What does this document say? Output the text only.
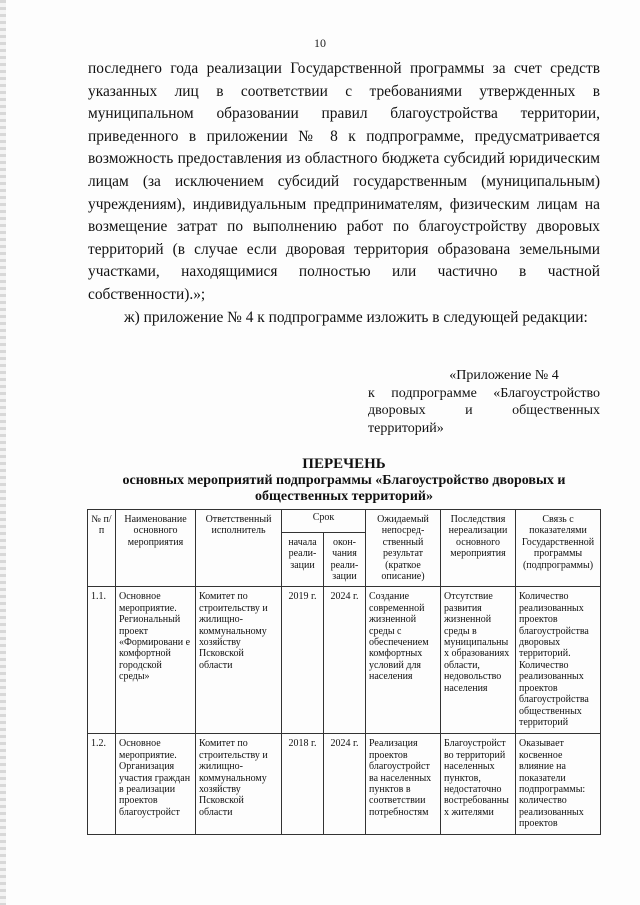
10

последнего года реализации Государственной программы за счет средств указанных лиц в соответствии с требованиями утвержденных в муниципальном образовании правил благоустройства территории, приведенного в приложении № 8 к подпрограмме, предусматривается возможность предоставления из областного бюджета субсидий юридическим лицам (за исключением субсидий государственным (муниципальным) учреждениям), индивидуальным предпринимателям, физическим лицам на возмещение затрат по выполнению работ по благоустройству дворовых территорий (в случае если дворовая территория образована земельными участками, находящимися полностью или частично в частной собственности).»;

ж) приложение № 4 к подпрограмме изложить в следующей редакции:

«Приложение № 4
к подпрограмме «Благоустройство
дворовых и общественных
территорий»
ПЕРЕЧЕНЬ
основных мероприятий подпрограммы «Благоустройство дворовых и общественных территорий»
№ п/п	Наименование основного мероприятия	Ответственный исполнитель	Срок		Ожидаемый непосред-ственный результат (краткое описание)	Последствия нереализации основного мероприятия	Связь с показателями Государственной программы (подпрограммы)
			начала реали-зации	окон-чания реали-зации			
1.1.	Основное мероприятие. Региональный проект «Формировани е комфортной городской среды»	Комитет по строительству и жилищно-коммунальному хозяйству Псковской области	2019 г.	2024 г.	Создание современной жизненной среды с обеспечением комфортных условий для населения	Отсутствие развития жизненной среды в муниципальны х образованиях области, недовольство населения	Количество реализованных проектов благоустройства дворовых территорий.
Количество реализованных проектов благоустройства общественных территорий

1.2.	Основное мероприятие. Организация участия граждан в реализации проектов благоустройст	Комитет по строительству и жилищно-коммунальному хозяйству Псковской области	2018 г.	2024 г.	Реализация проектов благоустройст ва населенных пунктов в соответствии потребностям	Благоустройст во территорий населенных пунктов, недостаточно востребованны х жителями	Оказывает косвенное влияние на показатели подпрограммы: количество реализованных проектов
